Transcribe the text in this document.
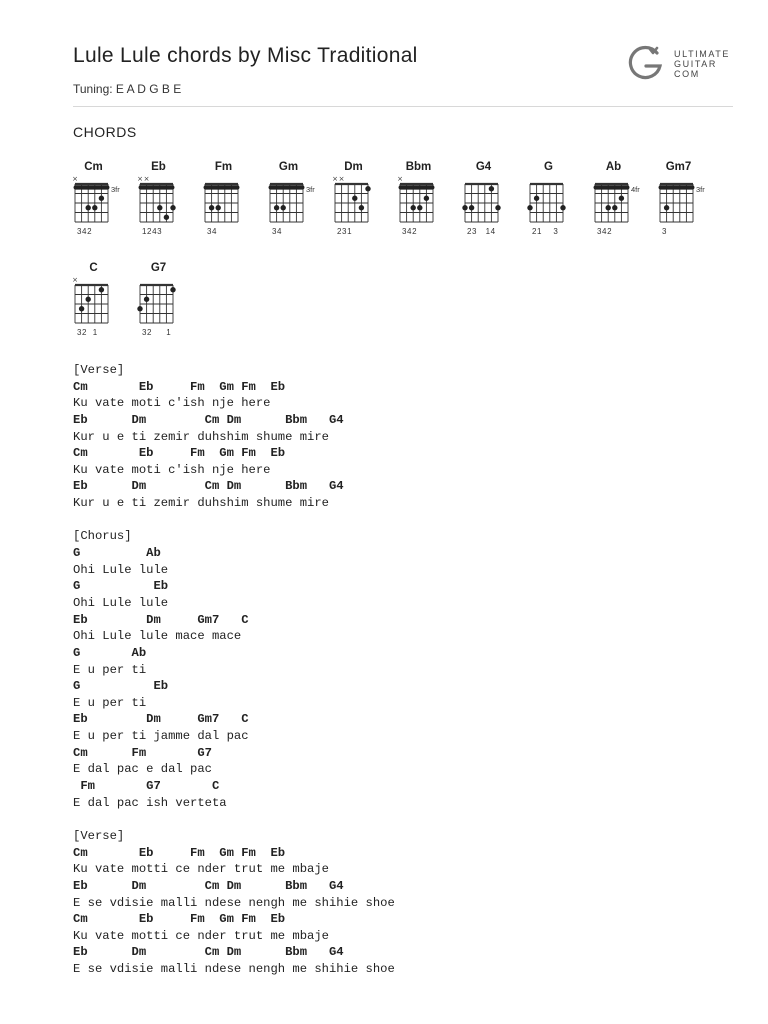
Lule Lule chords by Misc Traditional
Tuning: E A D G B E
ULTIMATE
GUITAR
COM
CHORDS
Cm
×
3fr
342
Eb
× ×
1243
Fm
34
Gm
3fr
34
Dm
× ×
231
Bbm
×
342
G4
23   14
G
21    3
Ab
4fr
342
Gm7
3fr
3
C
×
32  1
G7
32     1
[Verse]
Cm       Eb     Fm  Gm Fm  Eb
Ku vate moti c'ish nje here
Eb      Dm        Cm Dm      Bbm   G4
Kur u e ti zemir duhshim shume mire
Cm       Eb     Fm  Gm Fm  Eb
Ku vate moti c'ish nje here
Eb      Dm        Cm Dm      Bbm   G4
Kur u e ti zemir duhshim shume mire
[Chorus]
G         Ab
Ohi Lule lule
G          Eb
Ohi Lule lule
Eb        Dm     Gm7   C
Ohi Lule lule mace mace
G       Ab
E u per ti
G          Eb
E u per ti
Eb        Dm     Gm7   C
E u per ti jamme dal pac
Cm      Fm       G7
E dal pac e dal pac
Fm       G7       C
E dal pac ish verteta
[Verse]
Cm       Eb     Fm  Gm Fm  Eb
Ku vate motti ce nder trut me mbaje
Eb      Dm        Cm Dm      Bbm   G4
E se vdisie malli ndese nengh me shihie shoe
Cm       Eb     Fm  Gm Fm  Eb
Ku vate motti ce nder trut me mbaje
Eb      Dm        Cm Dm      Bbm   G4
E se vdisie malli ndese nengh me shihie shoe
